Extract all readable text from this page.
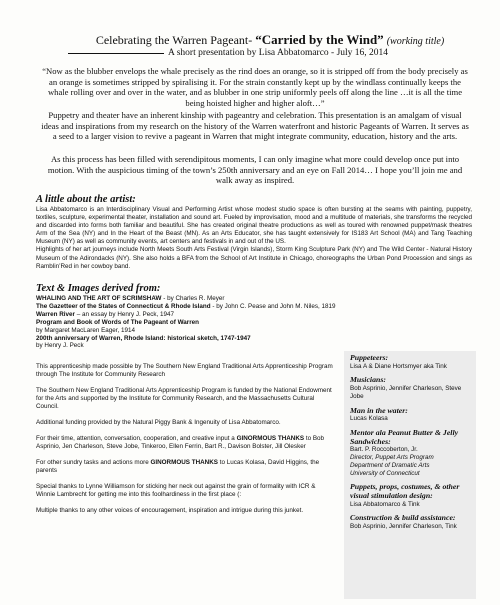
Celebrating the Warren Pageant- “Carried by the Wind” (working title)
A short presentation by Lisa Abbatomarco - July 16, 2014
“Now as the blubber envelops the whale precisely as the rind does an orange, so it is stripped off from the body precisely as an orange is sometimes stripped by spiralising it. For the strain constantly kept up by the windlass continually keeps the whale rolling over and over in the water, and as blubber in one strip uniformly peels off along the line …it is all the time being hoisted higher and higher aloft…”
Puppetry and theater have an inherent kinship with pageantry and celebration. This presentation is an amalgam of visual ideas and inspirations from my research on the history of the Warren waterfront and historic Pageants of Warren. It serves as a seed to a larger vision to revive a pageant in Warren that might integrate community, education, history and the arts.
As this process has been filled with serendipitous moments, I can only imagine what more could develop once put into motion. With the auspicious timing of the town’s 250th anniversary and an eye on Fall 2014… I hope you’ll join me and walk away as inspired.
A little about the artist:

Lisa Abbatomarco is an Interdisciplinary Visual and Performing Artist whose modest studio space is often bursting at the seams with painting, puppetry, textiles, sculpture, experimental theater, installation and sound art. Fueled by improvisation, mood and a multitude of materials, she transforms the recycled and discarded into forms both familiar and beautiful. She has created original theatre productions as well as toured with renowned puppet/mask theatres Arm of the Sea (NY) and In the Heart of the Beast (MN). As an Arts Educator, she has taught extensively for IS183 Art School (MA) and Tang Teaching Museum (NY) as well as community events, art centers and festivals in and out of the US.

Highlights of her art journeys include North Meets South Arts Festival (Virgin Islands), Storm King Sculpture Park (NY) and The Wild Center - Natural History Museum of the Adirondacks (NY). She also holds a BFA from the School of Art Institute in Chicago, choreographs the Urban Pond Procession and sings as Ramblin’Red in her cowboy band.

Text & Images derived from:
WHALING AND THE ART OF SCRIMSHAW - by Charles R. Meyer
The Gazetteer of the States of Connecticut & Rhode Island - by John C. Pease and John M. Niles, 1819
Warren River – an essay by Henry J. Peck, 1947
Program and Book of Words of The Pageant of Warren
by Margaret MacLaren Eager, 1914
200th anniversary of Warren, Rhode Island: historical sketch, 1747-1947
by Henry J. Peck

This apprenticeship made possible by The Southern New England Traditional Arts Apprenticeship Program through The Institute for Community Research

The Southern New England Traditional Arts Apprenticeship Program is funded by the National Endowment for the Arts and supported by the Institute for Community Research, and the Massachusetts Cultural Council.

Additional funding provided by the Natural Piggy Bank & Ingenuity of Lisa Abbatomarco.

For their time, attention, conversation, cooperation, and creative input a GINORMOUS THANKS to Bob Asprinio, Jen Charleson, Steve Jobe, Tinkeroo, Ellen Ferrin, Bart R., Davison Bolster, Jill Olesker

For other sundry tasks and actions more GINORMOUS THANKS to Lucas Kolasa, David Higgins, the parents

Special thanks to Lynne Williamson for sticking her neck out against the grain of formality with ICR & Winnie Lambrecht for getting me into this foolhardiness in the first place (:

Multiple thanks to any other voices of encouragement, inspiration and intrigue during this junket.

Puppeteers:
Lisa A & Diane Hortsmyer aka Tink
Musicians:
Bob Asprinio, Jennifer Charleson, Steve Jobe
Man in the water:
Lucas Kolasa
Mentor ala Peanut Butter & Jelly Sandwiches:
Bart. P. Roccoberton, Jr.
Director, Puppet Arts Program
Department of Dramatic Arts
University of Connecticut
Puppets, props, costumes, & other visual stimulation design:
Lisa Abbatomarco & Tink
Construction & build assistance:
Bob Asprinio, Jennifer Charleson, Tink
